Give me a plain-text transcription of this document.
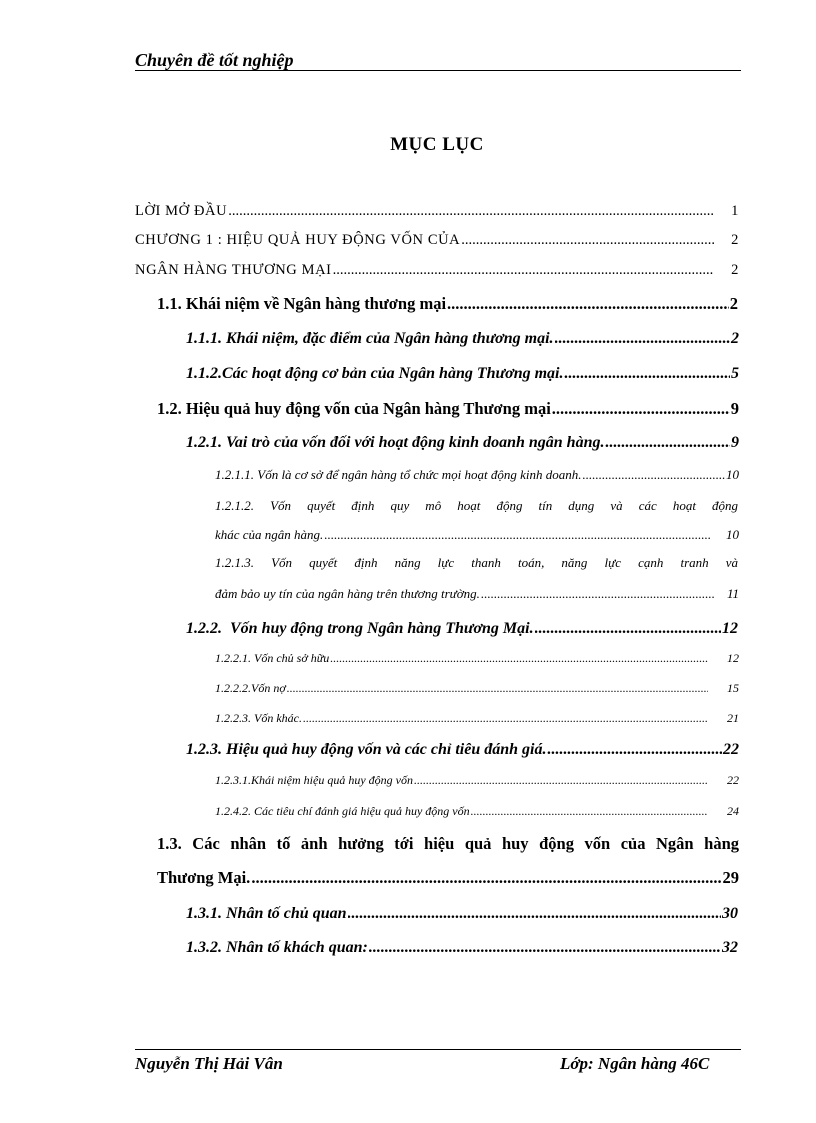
Chuyên đề tốt nghiệp
MỤC LỤC
LỜI MỞ ĐẦU .....	1
CHƯƠNG 1 : HIỆU QUẢ HUY ĐỘNG VỐN CỦA .....	2
NGÂN HÀNG THƯƠNG MẠI .....	2
1.1. Khái niệm về Ngân hàng thương mại .....	2
1.1.1. Khái niệm, đặc điểm của Ngân hàng thương mại. .....	2
1.1.2.Các hoạt động cơ bản của Ngân hàng Thương mại. .....	5
1.2. Hiệu quả huy động vốn của Ngân hàng Thương mại .....	9
1.2.1. Vai trò của vốn đối với hoạt động kinh doanh ngân hàng. .....	9
1.2.1.1. Vốn là cơ sở để ngân hàng tổ chức mọi hoạt động kinh doanh. .....	10
1.2.1.2. Vốn quyết định quy mô hoạt động tín dụng và các hoạt động
khác của ngân hàng. .....	10
1.2.1.3. Vốn quyết định năng lực thanh toán, năng lực cạnh tranh và
đảm bảo uy tín của ngân hàng trên thương trường. .....	11
1.2.2.  Vốn huy động trong Ngân hàng Thương Mại. .....	12
1.2.2.1. Vốn chủ sở hữu .....	12
1.2.2.2.Vốn nợ .....	15
1.2.2.3. Vốn khác. .....	21
1.2.3. Hiệu quả huy động vốn và các chỉ tiêu đánh giá. .....	22
1.2.3.1.Khái niệm hiệu quả huy động vốn .....	22
1.2.4.2. Các tiêu chí đánh giá hiệu quả huy động vốn .....	24
1.3. Các nhân tố ảnh hưởng tới hiệu quả huy động vốn của Ngân hàng
Thương Mại. .....	29
1.3.1. Nhân tố chủ quan .....	30
1.3.2. Nhân tố khách quan: .....	32
Nguyễn Thị Hải Vân	Lớp: Ngân hàng 46C
